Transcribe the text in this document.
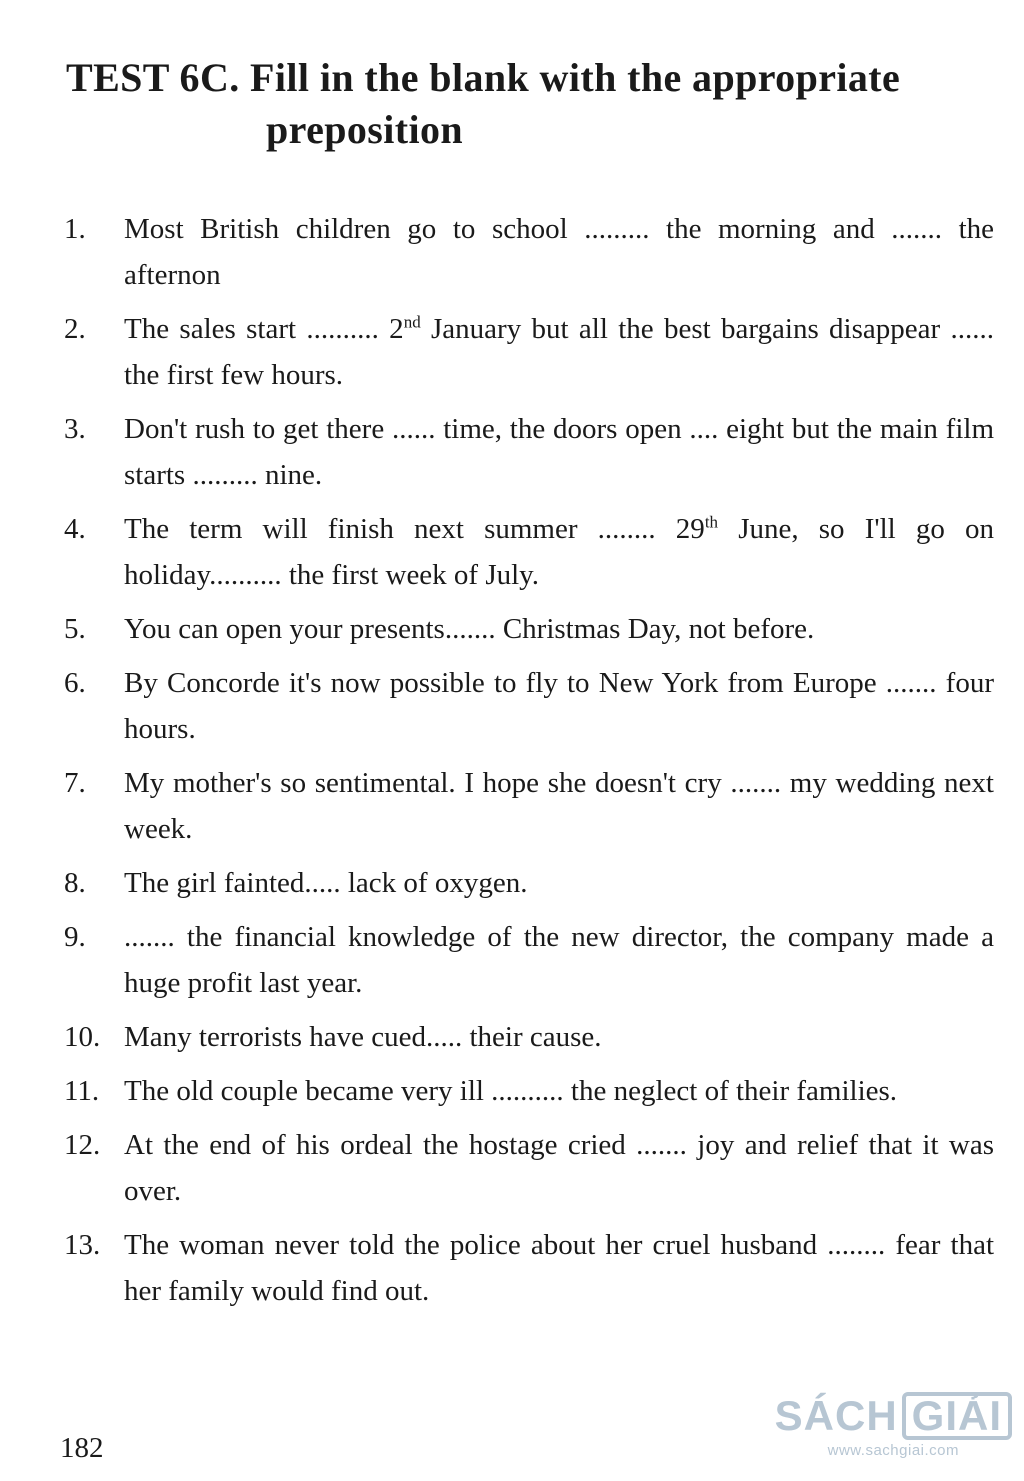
TEST 6C. Fill in the blank with the appropriate
preposition
1.	Most British children go to school ......... the morning and ....... the afternon
2.	The sales start .......... 2nd January but all the best bargains disappear ...... the first few hours.
3.	Don't rush to get there ...... time, the doors open .... eight but the main film starts ......... nine.
4.	The term will finish next summer ........ 29th June, so I'll go on holiday.......... the first week of July.
5.	You can open your presents....... Christmas Day, not before.
6.	By Concorde it's now possible to fly to New York from Europe ....... four hours.
7.	My mother's so sentimental. I hope she doesn't cry ....... my wedding next week.
8.	The girl fainted..... lack of oxygen.
9.	....... the financial knowledge of the new director, the company made a huge profit last year.
10. Many terrorists have cued..... their cause.
11. The old couple became very ill .......... the neglect of their families.
12. At the end of his ordeal the hostage cried ....... joy and relief that it was over.
13. The woman never told the police about her cruel husband ........ fear that her family would find out.
182
SÁCH GIẢI
www.sachgiai.com
